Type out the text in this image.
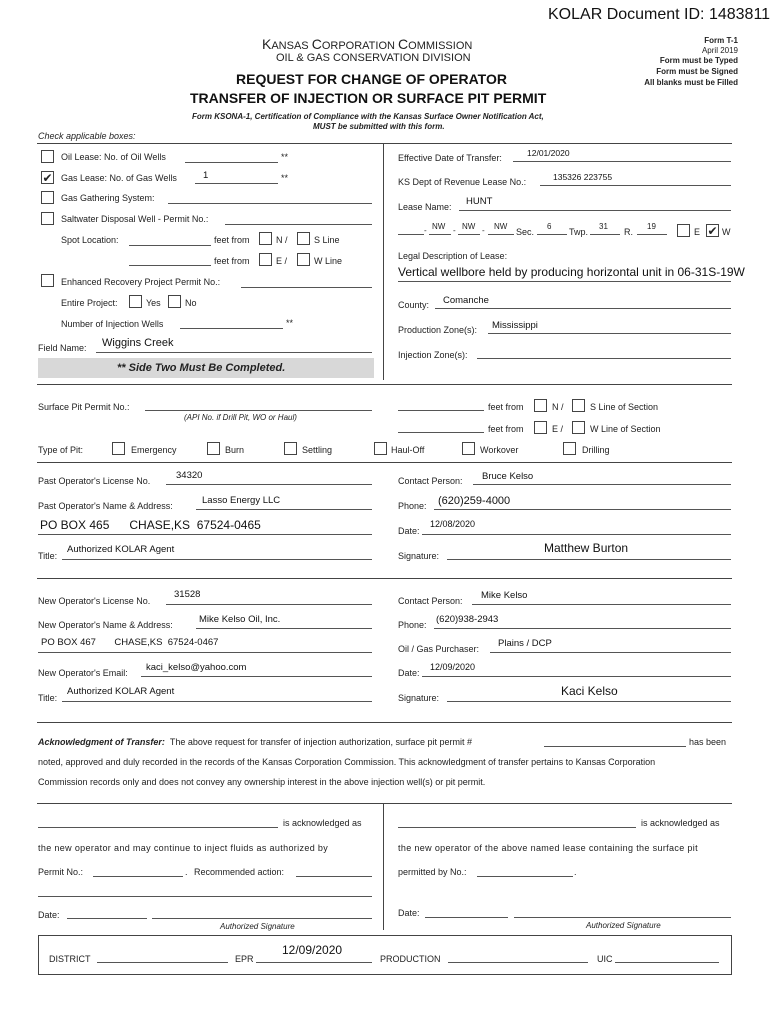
KOLAR Document ID: 1483811
KANSAS CORPORATION COMMISSION
OIL & GAS CONSERVATION DIVISION
REQUEST FOR CHANGE OF OPERATOR
TRANSFER OF INJECTION OR SURFACE PIT PERMIT
Form KSONA-1, Certification of Compliance with the Kansas Surface Owner Notification Act,
MUST be submitted with this form.
Form T-1
April 2019
Form must be Typed
Form must be Signed
All blanks must be Filled
Check applicable boxes:
Oil Lease: No. of Oil Wells	**
✔ Gas Lease: No. of Gas Wells	1	**
Gas Gathering System:
Saltwater Disposal Well - Permit No.:
Spot Location:	feet from	N /	S Line
feet from	E /	W Line
Enhanced Recovery Project Permit No.:
Entire Project:	Yes	No
Number of Injection Wells	**
Field Name: Wiggins Creek
** Side Two Must Be Completed.
Effective Date of Transfer:	12/01/2020
KS Dept of Revenue Lease No.:	135326 223755
Lease Name: HUNT
- NW - NW - NW
Sec.
6
Twp.
31
R.
19
E ✔ W
Legal Description of Lease:
Vertical wellbore held by producing horizontal unit in 06-31S-19W
County: Comanche
Production Zone(s): Mississippi
Injection Zone(s):
Surface Pit Permit No.:
(API No. if Drill Pit, WO or Haul)
feet from	N /	S Line of Section
feet from	E /	W Line of Section
Type of Pit:	Emergency	Burn	Settling	Haul-Off	Workover	Drilling
Past Operator's License No.	34320	Contact Person: Bruce Kelso
Past Operator's Name & Address:	Lasso Energy LLC	Phone: (620)259-4000
PO BOX 465      CHASE,KS  67524-0465	Date:
12/08/2020
Title:
Authorized KOLAR Agent
Signature:
Matthew Burton
New Operator's License No.
31528
Contact Person: Mike Kelso
New Operator's Name & Address:	Mike Kelso Oil, Inc.	Phone: (620)938-2943
PO BOX 467       CHASE,KS  67524-0467
Oil / Gas Purchaser: Plains / DCP
New Operator's Email: kaci_kelso@yahoo.com	Date:
12/09/2020
Title:
Authorized KOLAR Agent
Signature:	Kaci Kelso
Acknowledgment of Transfer: The above request for transfer of injection authorization, surface pit permit #	has been
noted, approved and duly recorded in the records of the Kansas Corporation Commission. This acknowledgment of transfer pertains to Kansas Corporation
Commission records only and does not convey any ownership interest in the above injection well(s) or pit permit.
is acknowledged as
the new operator and may continue to inject fluids as authorized by
Permit No.:	. Recommended action:
Date:
Authorized Signature
is acknowledged as
the new operator of the above named lease containing the surface pit
permitted by No.:	.
Date:
Authorized Signature
DISTRICT	EPR
12/09/2020
PRODUCTION	UIC
